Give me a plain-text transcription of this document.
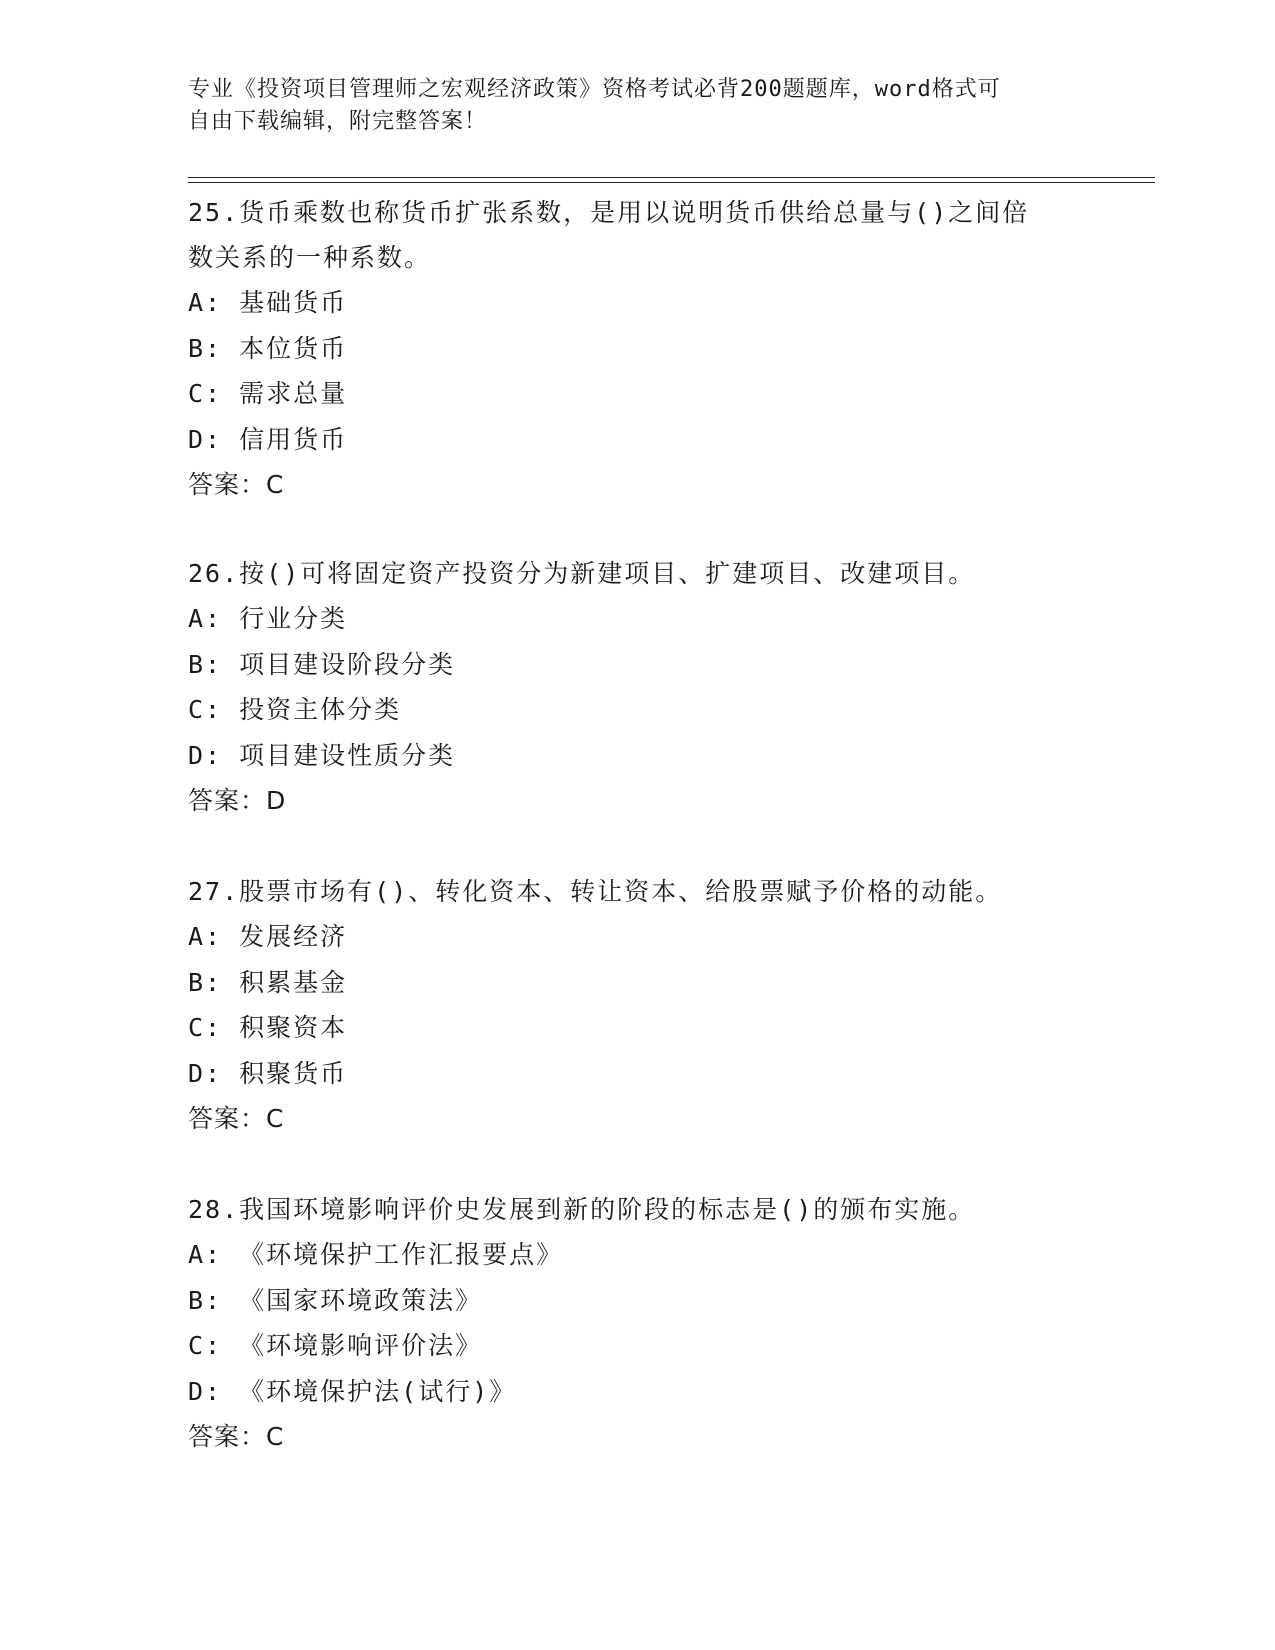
专业《投资项目管理师之宏观经济政策》资格考试必背200题题库，word格式可
自由下载编辑，附完整答案！

25.货币乘数也称货币扩张系数，是用以说明货币供给总量与()之间倍

数关系的一种系数。

A: 基础货币

B: 本位货币

C: 需求总量

D: 信用货币

答案：C

26.按()可将固定资产投资分为新建项目、扩建项目、改建项目。

A: 行业分类

B: 项目建设阶段分类

C: 投资主体分类

D: 项目建设性质分类

答案：D

27.股票市场有()、转化资本、转让资本、给股票赋予价格的动能。

A: 发展经济

B: 积累基金

C: 积聚资本

D: 积聚货币

答案：C

28.我国环境影响评价史发展到新的阶段的标志是()的颁布实施。

A: 《环境保护工作汇报要点》

B: 《国家环境政策法》

C: 《环境影响评价法》

D: 《环境保护法(试行)》

答案：C
